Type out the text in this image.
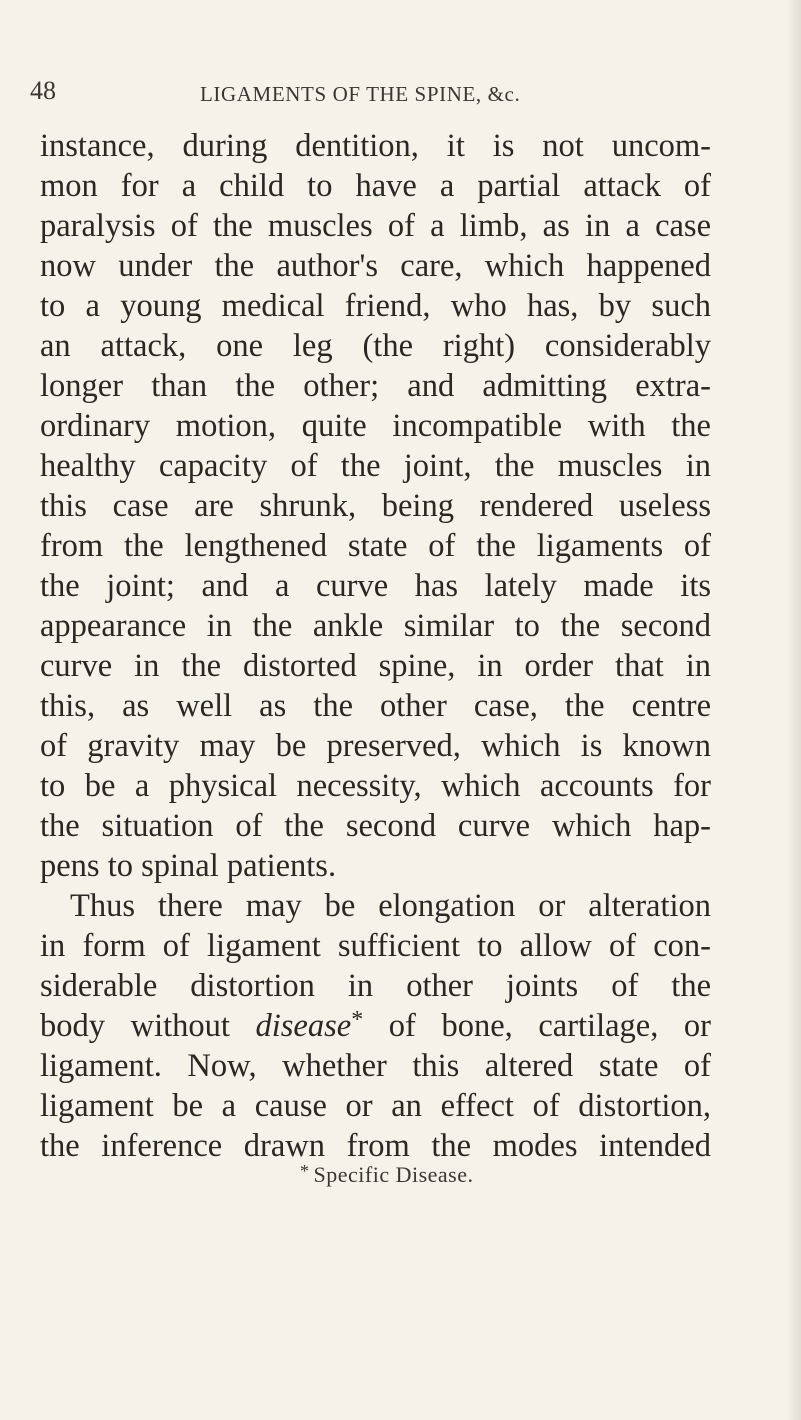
48	LIGAMENTS OF THE SPINE, &c.
instance, during dentition, it is not uncom-
mon for a child to have a partial attack of
paralysis of the muscles of a limb, as in a case
now under the author's care, which happened
to a young medical friend, who has, by such
an attack, one leg (the right) considerably
longer than the other; and admitting extra-
ordinary motion, quite incompatible with the
healthy capacity of the joint, the muscles in
this case are shrunk, being rendered useless
from the lengthened state of the ligaments of
the joint; and a curve has lately made its
appearance in the ankle similar to the second
curve in the distorted spine, in order that in
this, as well as the other case, the centre
of gravity may be preserved, which is known
to be a physical necessity, which accounts for
the situation of the second curve which hap-
pens to spinal patients.
Thus there may be elongation or alteration
in form of ligament sufficient to allow of con-
siderable distortion in other joints of the
body without disease* of bone, cartilage, or
ligament. Now, whether this altered state of
ligament be a cause or an effect of distortion,
the inference drawn from the modes intended
* Specific Disease.
